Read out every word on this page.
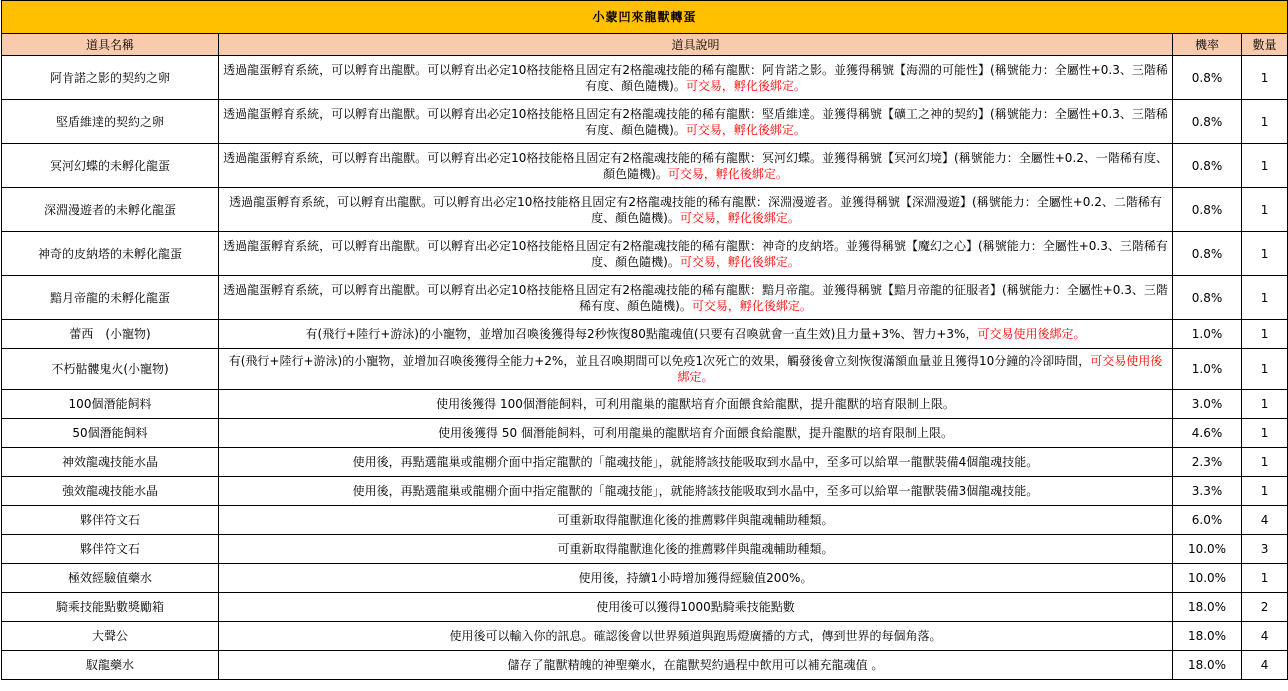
小蒙凹來龍獸轉蛋			
道具名稱	道具說明	機率	數量
阿肯諾之影的契約之卵	透過龍蛋孵育系統，可以孵育出龍獸。可以孵育出必定10格技能格且固定有2格龍魂技能的稀有龍獸：阿肯諾之影。並獲得稱號【海淵的可能性】(稱號能力：全屬性+0.3、三階稀有度、顏色隨機)。可交易，孵化後綁定。	0.8%	1
堅盾維達的契約之卵	透過龍蛋孵育系統，可以孵育出龍獸。可以孵育出必定10格技能格且固定有2格龍魂技能的稀有龍獸：堅盾維達。並獲得稱號【礦工之神的契約】(稱號能力：全屬性+0.3、三階稀有度、顏色隨機)。可交易，孵化後綁定。	0.8%	1
冥河幻蝶的未孵化龍蛋	透過龍蛋孵育系統，可以孵育出龍獸。可以孵育出必定10格技能格且固定有2格龍魂技能的稀有龍獸：冥河幻蝶。並獲得稱號【冥河幻境】(稱號能力：全屬性+0.2、一階稀有度、顏色隨機)。可交易，孵化後綁定。	0.8%	1
深淵漫遊者的未孵化龍蛋	透過龍蛋孵育系統，可以孵育出龍獸。可以孵育出必定10格技能格且固定有2格龍魂技能的稀有龍獸：深淵漫遊者。並獲得稱號【深淵漫遊】(稱號能力：全屬性+0.2、二階稀有度、顏色隨機)。可交易，孵化後綁定。	0.8%	1
神奇的皮納塔的未孵化龍蛋	透過龍蛋孵育系統，可以孵育出龍獸。可以孵育出必定10格技能格且固定有2格龍魂技能的稀有龍獸：神奇的皮納塔。並獲得稱號【魔幻之心】(稱號能力：全屬性+0.3、三階稀有度、顏色隨機)。可交易，孵化後綁定。	0.8%	1
黯月帝龍的未孵化龍蛋	透過龍蛋孵育系統，可以孵育出龍獸。可以孵育出必定10格技能格且固定有2格龍魂技能的稀有龍獸：黯月帝龍。並獲得稱號【黯月帝龍的征服者】(稱號能力：全屬性+0.3、三階稀有度、顏色隨機)。可交易，孵化後綁定。	0.8%	1
蕾西　(小寵物)	有(飛行+陸行+游泳)的小寵物，並增加召喚後獲得每2秒恢復80點龍魂值(只要有召喚就會一直生效)且力量+3%、智力+3%，可交易使用後綁定。	1.0%	1
不朽骷髏鬼火(小寵物)	有(飛行+陸行+游泳)的小寵物，並增加召喚後獲得全能力+2%，並且召喚期間可以免疫1次死亡的效果，觸發後會立刻恢復滿額血量並且獲得10分鐘的冷卻時間，可交易使用後綁定。	1.0%	1
100個潛能飼料	使用後獲得 100個潛能飼料，可利用龍巢的龍獸培育介面餵食給龍獸，提升龍獸的培育限制上限。	3.0%	1
50個潛能飼料	使用後獲得 50 個潛能飼料，可利用龍巢的龍獸培育介面餵食給龍獸，提升龍獸的培育限制上限。	4.6%	1
神效龍魂技能水晶	使用後，再點選龍巢或龍棚介面中指定龍獸的「龍魂技能」，就能將該技能吸取到水晶中，至多可以給單一龍獸裝備4個龍魂技能。	2.3%	1
強效龍魂技能水晶	使用後，再點選龍巢或龍棚介面中指定龍獸的「龍魂技能」，就能將該技能吸取到水晶中，至多可以給單一龍獸裝備3個龍魂技能。	3.3%	1
夥伴符文石	可重新取得龍獸進化後的推薦夥伴與龍魂輔助種類。	6.0%	4
夥伴符文石	可重新取得龍獸進化後的推薦夥伴與龍魂輔助種類。	10.0%	3
極效經驗值藥水	使用後，持續1小時增加獲得經驗值200%。	10.0%	1
騎乘技能點數獎勵箱	使用後可以獲得1000點騎乘技能點數	18.0%	2
大聲公	使用後可以輸入你的訊息。確認後會以世界頻道與跑馬燈廣播的方式，傳到世界的每個角落。	18.0%	4
馭龍藥水	儲存了龍獸精魄的神聖藥水，在龍獸契約過程中飲用可以補充龍魂值 。	18.0%	4
